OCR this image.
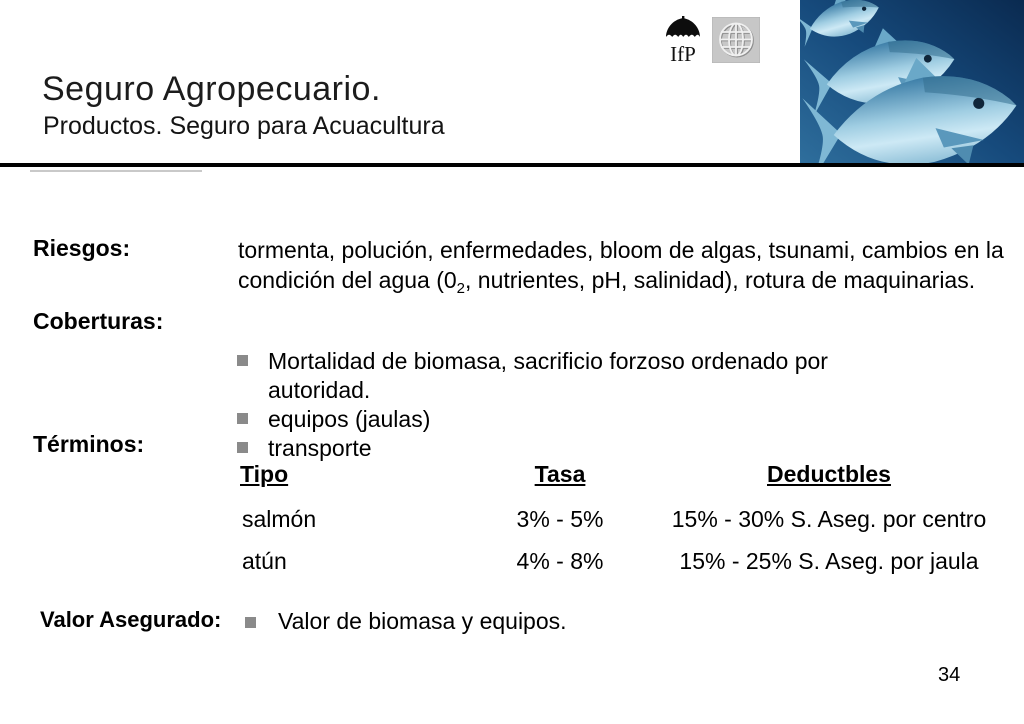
Seguro Agropecuario.
Productos. Seguro para Acuacultura
IfP
Riesgos:	tormenta, polución, enfermedades, bloom de algas, tsunami, cambios en la
condición del agua ($0_2$, nutrientes, pH, salinidad), rotura de maquinarias.
Coberturas:
Mortalidad de biomasa, sacrificio forzoso ordenado por autoridad.
equipos (jaulas)
transporte
Términos:
Tipo	Tasa	Deductbles
salmón	3% - 5%	15% - 30% S. Aseg. por centro
atún	4% - 8%	15% - 25% S. Aseg. por jaula
Valor Asegurado:	Valor de biomasa y equipos.
34
